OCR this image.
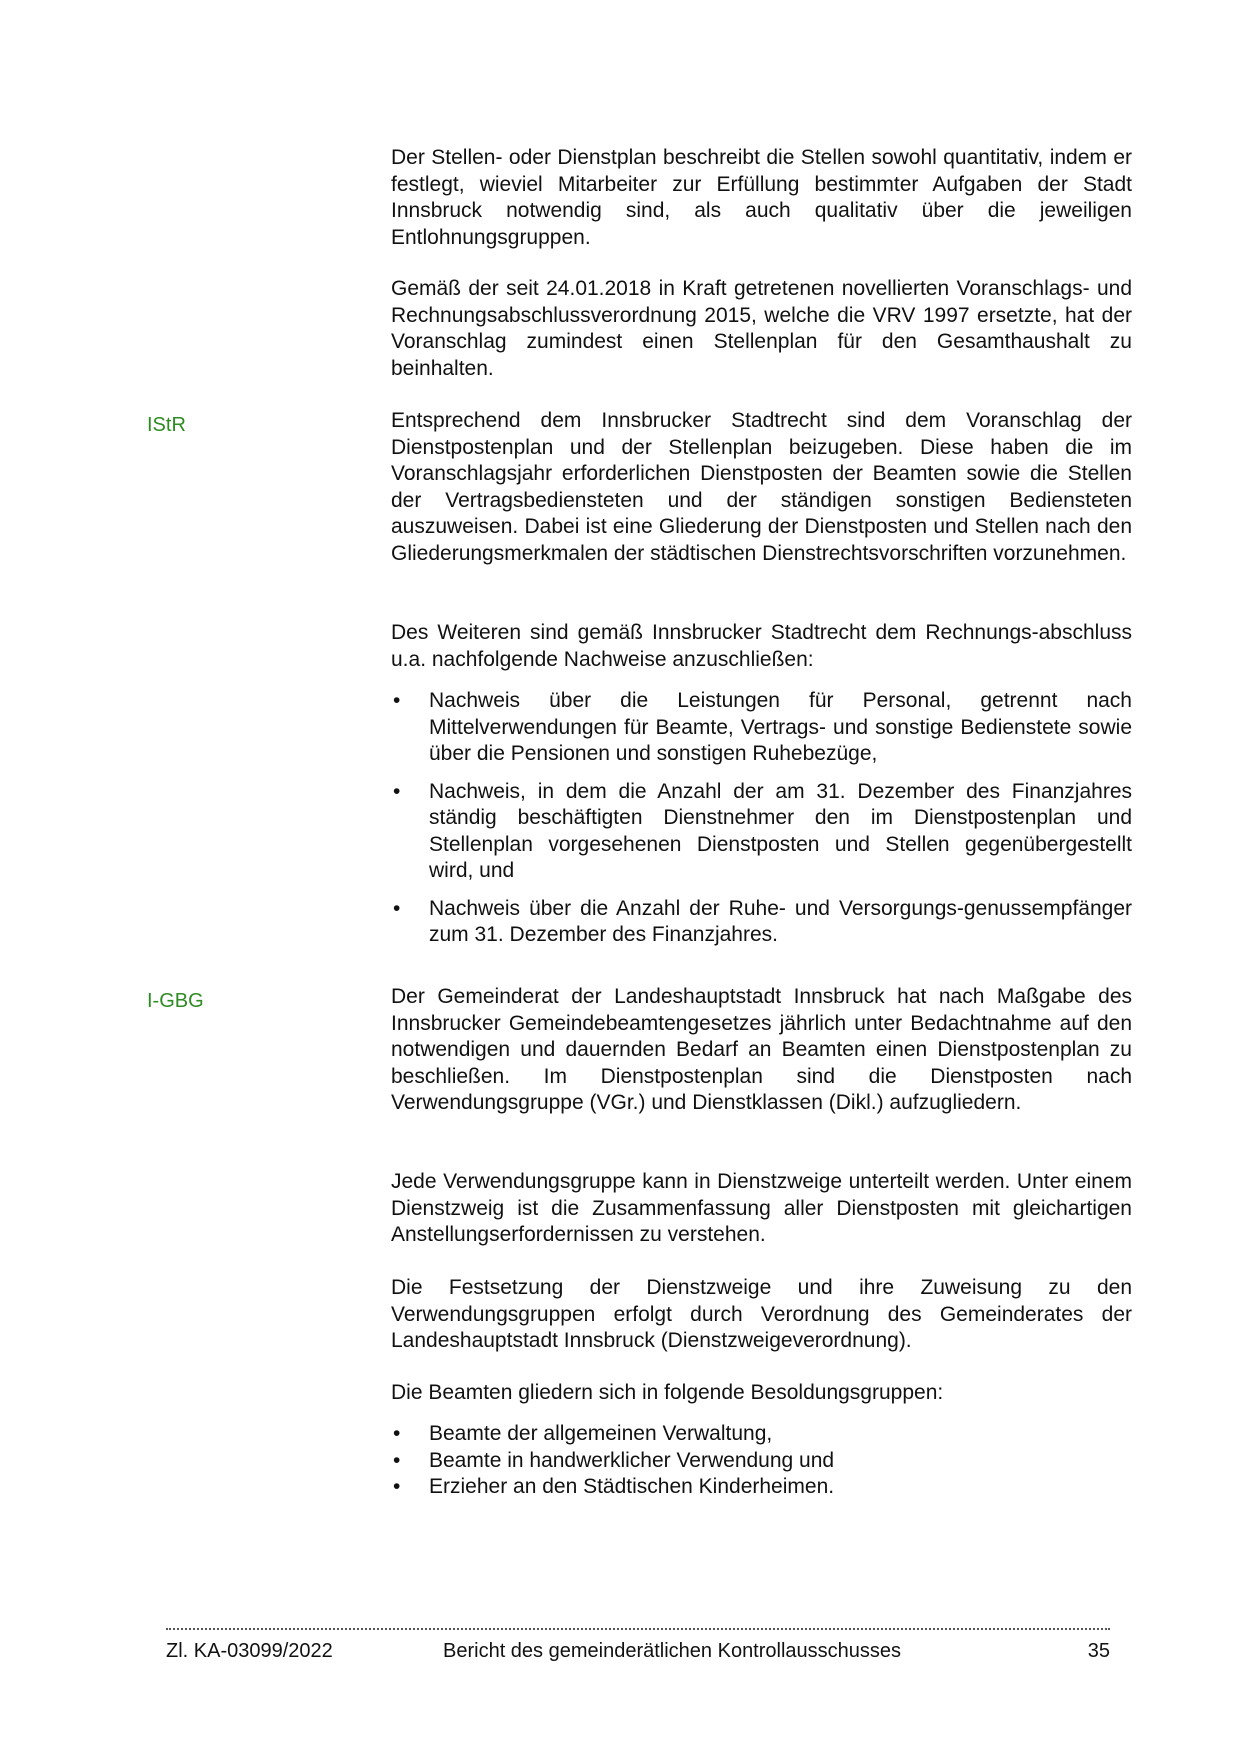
Der Stellen- oder Dienstplan beschreibt die Stellen sowohl quantitativ, indem er festlegt, wieviel Mitarbeiter zur Erfüllung bestimmter Aufgaben der Stadt Innsbruck notwendig sind, als auch qualitativ über die jeweiligen Entlohnungsgruppen.

Gemäß der seit 24.01.2018 in Kraft getretenen novellierten Voranschlags- und Rechnungsabschlussverordnung 2015, welche die VRV 1997 ersetzte, hat der Voranschlag zumindest einen Stellenplan für den Gesamthaushalt zu beinhalten.

IStR	Entsprechend dem Innsbrucker Stadtrecht sind dem Voranschlag der Dienstpostenplan und der Stellenplan beizugeben. Diese haben die im Voranschlagsjahr erforderlichen Dienstposten der Beamten sowie die Stellen der Vertragsbediensteten und der ständigen sonstigen Bediensteten auszuweisen. Dabei ist eine Gliederung der Dienstposten und Stellen nach den Gliederungsmerkmalen der städtischen Dienstrechtsvorschriften vorzunehmen.

Des Weiteren sind gemäß Innsbrucker Stadtrecht dem Rechnungs-abschluss u.a. nachfolgende Nachweise anzuschließen:

• Nachweis über die Leistungen für Personal, getrennt nach Mittelverwendungen für Beamte, Vertrags- und sonstige Bedienstete sowie über die Pensionen und sonstigen Ruhebezüge,
• Nachweis, in dem die Anzahl der am 31. Dezember des Finanzjahres ständig beschäftigten Dienstnehmer den im Dienstpostenplan und Stellenplan vorgesehenen Dienstposten und Stellen gegenübergestellt wird, und
• Nachweis über die Anzahl der Ruhe- und Versorgungs-genussempfänger zum 31. Dezember des Finanzjahres.
I-GBG	Der Gemeinderat der Landeshauptstadt Innsbruck hat nach Maßgabe des Innsbrucker Gemeindebeamtengesetzes jährlich unter Bedachtnahme auf den notwendigen und dauernden Bedarf an Beamten einen Dienstpostenplan zu beschließen. Im Dienstpostenplan sind die Dienstposten nach Verwendungsgruppe (VGr.) und Dienstklassen (Dikl.) aufzugliedern.

Jede Verwendungsgruppe kann in Dienstzweige unterteilt werden. Unter einem Dienstzweig ist die Zusammenfassung aller Dienstposten mit gleichartigen Anstellungserfordernissen zu verstehen.

Die Festsetzung der Dienstzweige und ihre Zuweisung zu den Verwendungsgruppen erfolgt durch Verordnung des Gemeinderates der Landeshauptstadt Innsbruck (Dienstzweigeverordnung).

Die Beamten gliedern sich in folgende Besoldungsgruppen:

• Beamte der allgemeinen Verwaltung,
• Beamte in handwerklicher Verwendung und
• Erzieher an den Städtischen Kinderheimen.
Zl. KA-03099/2022	Bericht des gemeinderätlichen Kontrollausschusses	35
